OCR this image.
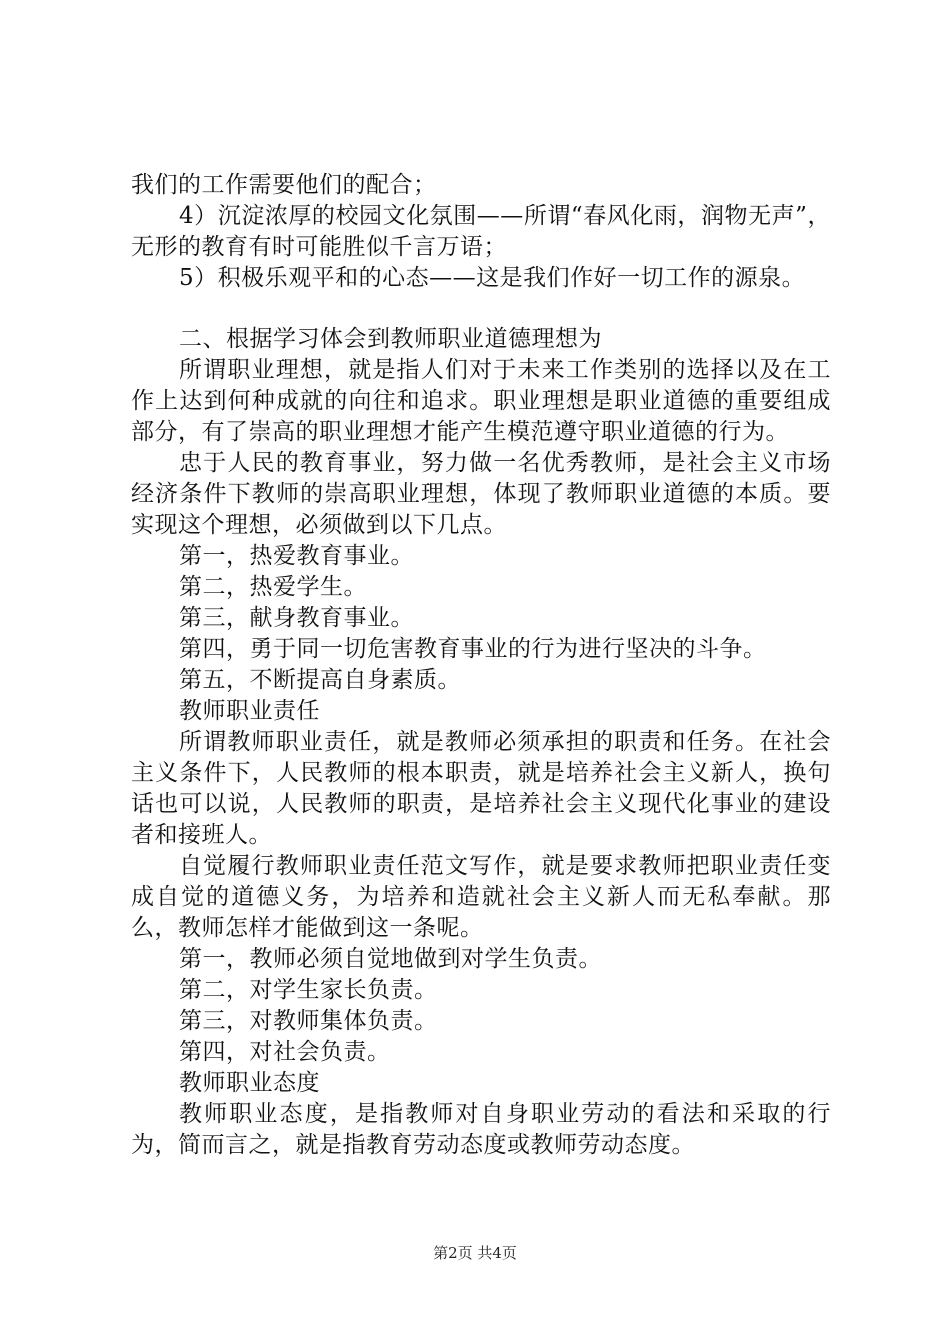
我们的工作需要他们的配合；

4）沉淀浓厚的校园文化氛围——所谓“春风化雨，润物无声”，无形的教育有时可能胜似千言万语；

5）积极乐观平和的心态——这是我们作好一切工作的源泉。

二、根据学习体会到教师职业道德理想为

所谓职业理想，就是指人们对于未来工作类别的选择以及在工作上达到何种成就的向往和追求。职业理想是职业道德的重要组成部分，有了崇高的职业理想才能产生模范遵守职业道德的行为。

忠于人民的教育事业，努力做一名优秀教师，是社会主义市场经济条件下教师的崇高职业理想，体现了教师职业道德的本质。要实现这个理想，必须做到以下几点。

第一，热爱教育事业。

第二，热爱学生。

第三，献身教育事业。

第四，勇于同一切危害教育事业的行为进行坚决的斗争。

第五，不断提高自身素质。

教师职业责任

所谓教师职业责任，就是教师必须承担的职责和任务。在社会主义条件下，人民教师的根本职责，就是培养社会主义新人，换句话也可以说，人民教师的职责，是培养社会主义现代化事业的建设者和接班人。

自觉履行教师职业责任范文写作，就是要求教师把职业责任变成自觉的道德义务，为培养和造就社会主义新人而无私奉献。那么，教师怎样才能做到这一条呢。

第一，教师必须自觉地做到对学生负责。

第二，对学生家长负责。

第三，对教师集体负责。

第四，对社会负责。

教师职业态度

教师职业态度，是指教师对自身职业劳动的看法和采取的行为，简而言之，就是指教育劳动态度或教师劳动态度。

第2页 共4页
